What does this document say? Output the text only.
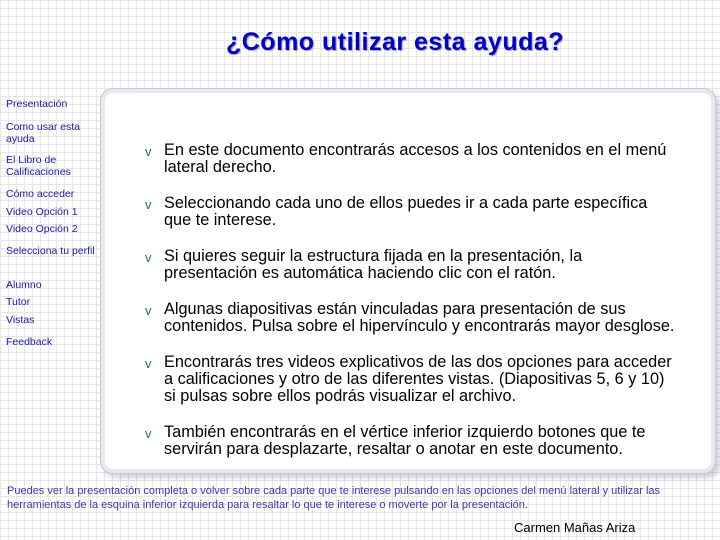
¿Cómo utilizar esta ayuda?
Presentación
Como usar esta ayuda
El Libro de Calificaciones
Cómo acceder
Video Opción 1
Video Opción 2
Selecciona tu perfil
Alumno
Tutor
Vistas
Feedback
v En este documento encontrarás accesos a los contenidos en el menú lateral derecho.
v Seleccionando cada uno de ellos puedes ir a cada parte específica que te interese.
v Si quieres seguir la estructura fijada en la presentación, la presentación es automática haciendo clic con el ratón.
v Algunas diapositivas están vinculadas para presentación de sus contenidos. Pulsa sobre el hipervínculo y encontrarás mayor desglose.
v Encontrarás tres videos explicativos de las dos opciones para acceder a calificaciones y otro de las diferentes vistas. (Diapositivas 5, 6 y 10) si pulsas sobre ellos podrás visualizar el archivo.
v También encontrarás en el vértice inferior izquierdo botones que te servirán para desplazarte, resaltar o anotar en este documento.
Puedes ver la presentación completa o volver sobre cada parte que te interese pulsando en las opciones del menú lateral y utilizar las herramientas de la esquina inferior izquierda para resaltar lo que te interese o moverte por la presentación.
Carmen Mañas Ariza
